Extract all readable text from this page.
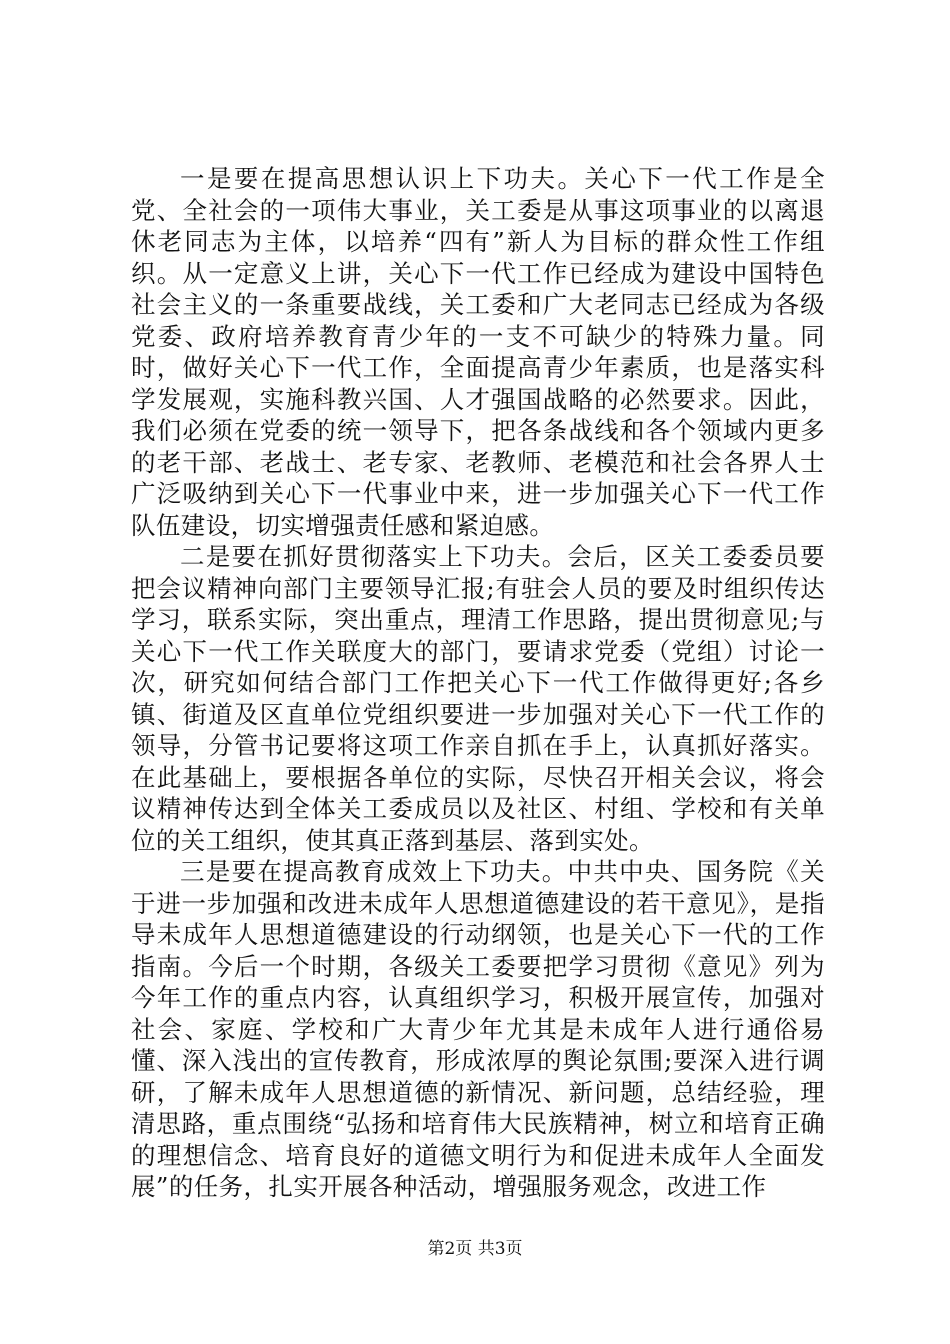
一是要在提高思想认识上下功夫。关心下一代工作是全党、全社会的一项伟大事业，关工委是从事这项事业的以离退休老同志为主体，以培养“四有”新人为目标的群众性工作组织。从一定意义上讲，关心下一代工作已经成为建设中国特色社会主义的一条重要战线，关工委和广大老同志已经成为各级党委、政府培养教育青少年的一支不可缺少的特殊力量。同时，做好关心下一代工作，全面提高青少年素质，也是落实科学发展观，实施科教兴国、人才强国战略的必然要求。因此，我们必须在党委的统一领导下，把各条战线和各个领域内更多的老干部、老战士、老专家、老教师、老模范和社会各界人士广泛吸纳到关心下一代事业中来，进一步加强关心下一代工作队伍建设，切实增强责任感和紧迫感。

二是要在抓好贯彻落实上下功夫。会后，区关工委委员要把会议精神向部门主要领导汇报;有驻会人员的要及时组织传达学习，联系实际，突出重点，理清工作思路，提出贯彻意见;与关心下一代工作关联度大的部门，要请求党委（党组）讨论一次，研究如何结合部门工作把关心下一代工作做得更好;各乡镇、街道及区直单位党组织要进一步加强对关心下一代工作的领导，分管书记要将这项工作亲自抓在手上，认真抓好落实。在此基础上，要根据各单位的实际，尽快召开相关会议，将会议精神传达到全体关工委成员以及社区、村组、学校和有关单位的关工组织，使其真正落到基层、落到实处。

三是要在提高教育成效上下功夫。中共中央、国务院《关于进一步加强和改进未成年人思想道德建设的若干意见》，是指导未成年人思想道德建设的行动纲领，也是关心下一代的工作指南。今后一个时期，各级关工委要把学习贯彻《意见》列为今年工作的重点内容，认真组织学习，积极开展宣传，加强对社会、家庭、学校和广大青少年尤其是未成年人进行通俗易懂、深入浅出的宣传教育，形成浓厚的舆论氛围;要深入进行调研，了解未成年人思想道德的新情况、新问题，总结经验，理清思路，重点围绕“弘扬和培育伟大民族精神，树立和培育正确的理想信念、培育良好的道德文明行为和促进未成年人全面发展”的任务，扎实开展各种活动，增强服务观念，改进工作

第2页 共3页
